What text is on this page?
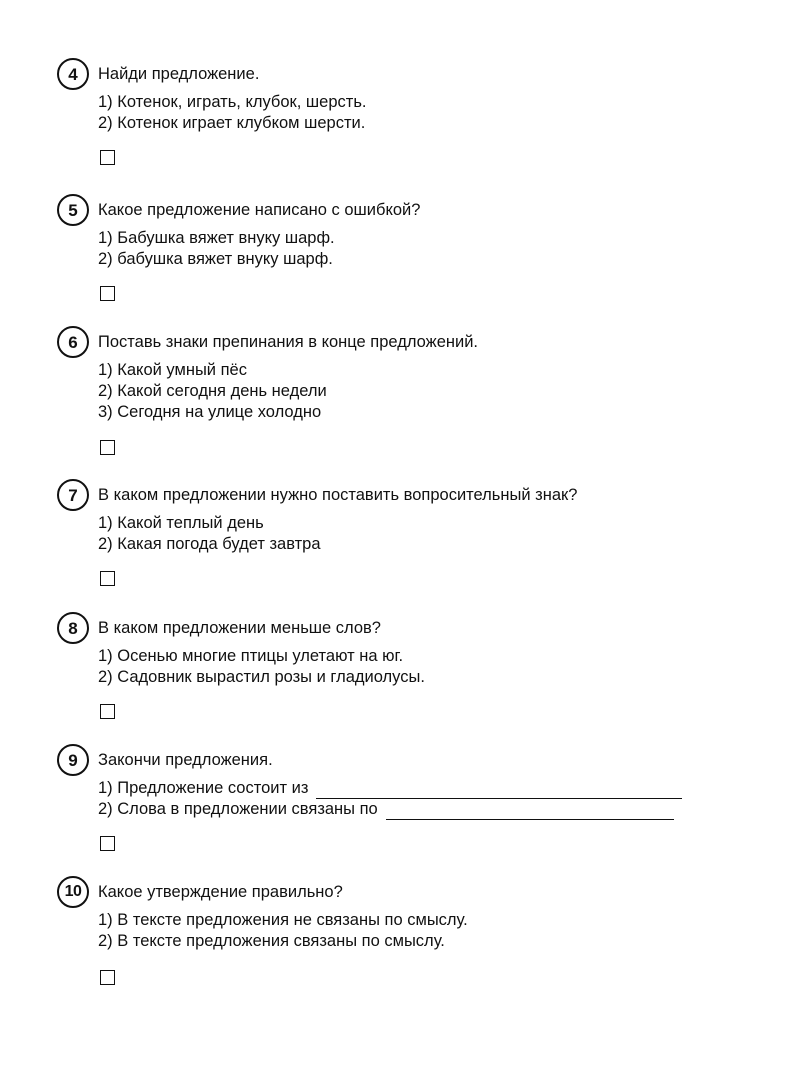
4	Найди предложение.
1) Котенок, играть, клубок, шерсть.
2) Котенок играет клубком шерсти.
5	Какое предложение написано с ошибкой?
1) Бабушка вяжет внуку шарф.
2) бабушка вяжет внуку шарф.
6	Поставь знаки препинания в конце предложений.
1) Какой умный пёс
2) Какой сегодня день недели
3) Сегодня на улице холодно
7	В каком предложении нужно поставить вопросительный знак?
1) Какой теплый день
2) Какая погода будет завтра
8	В каком предложении меньше слов?
1) Осенью многие птицы улетают на юг.
2) Садовник вырастил розы и гладиолусы.
9	Закончи предложения.
1) Предложение состоит из
2) Слова в предложении связаны по
10	Какое утверждение правильно?
1) В тексте предложения не связаны по смыслу.
2) В тексте предложения связаны по смыслу.
